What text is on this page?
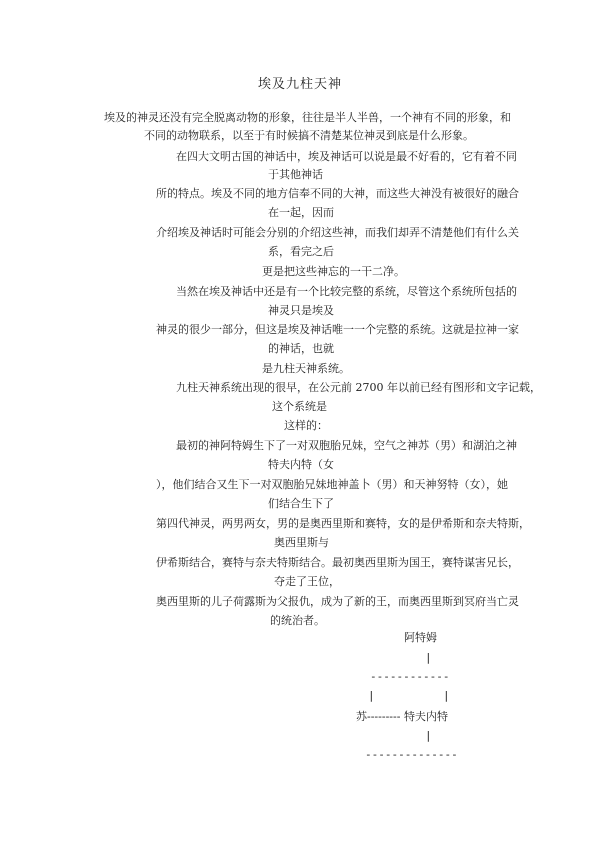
埃及九柱天神
埃及的神灵还没有完全脱离动物的形象，往往是半人半兽，一个神有不同的形象，和
不同的动物联系，以至于有时候搞不清楚某位神灵到底是什么形象。
在四大文明古国的神话中，埃及神话可以说是最不好看的，它有着不同
于其他神话
所的特点。埃及不同的地方信奉不同的大神，而这些大神没有被很好的融合
在一起，因而
介绍埃及神话时可能会分别的介绍这些神，而我们却弄不清楚他们有什么关
系，看完之后
更是把这些神忘的一干二净。
当然在埃及神话中还是有一个比较完整的系统，尽管这个系统所包括的
神灵只是埃及
神灵的很少一部分，但这是埃及神话唯一一个完整的系统。这就是拉神一家
的神话，也就
是九柱天神系统。
九柱天神系统出现的很早，在公元前 2700 年以前已经有图形和文字记载，
这个系统是
这样的：
最初的神阿特姆生下了一对双胞胎兄妹，空气之神苏（男）和湖泊之神
特夫内特（女
），他们结合又生下一对双胞胎兄妹地神盖卜（男）和天神努特（女），她
们结合生下了
第四代神灵，两男两女，男的是奥西里斯和赛特，女的是伊希斯和奈夫特斯，
奥西里斯与
伊希斯结合，赛特与奈夫特斯结合。最初奥西里斯为国王，赛特谋害兄长，
夺走了王位，
奥西里斯的儿子荷露斯为父报仇，成为了新的王，而奥西里斯到冥府当亡灵
的统治者。
阿特姆
|
------------
|	|
苏--------- 特夫内特
|
--------------
